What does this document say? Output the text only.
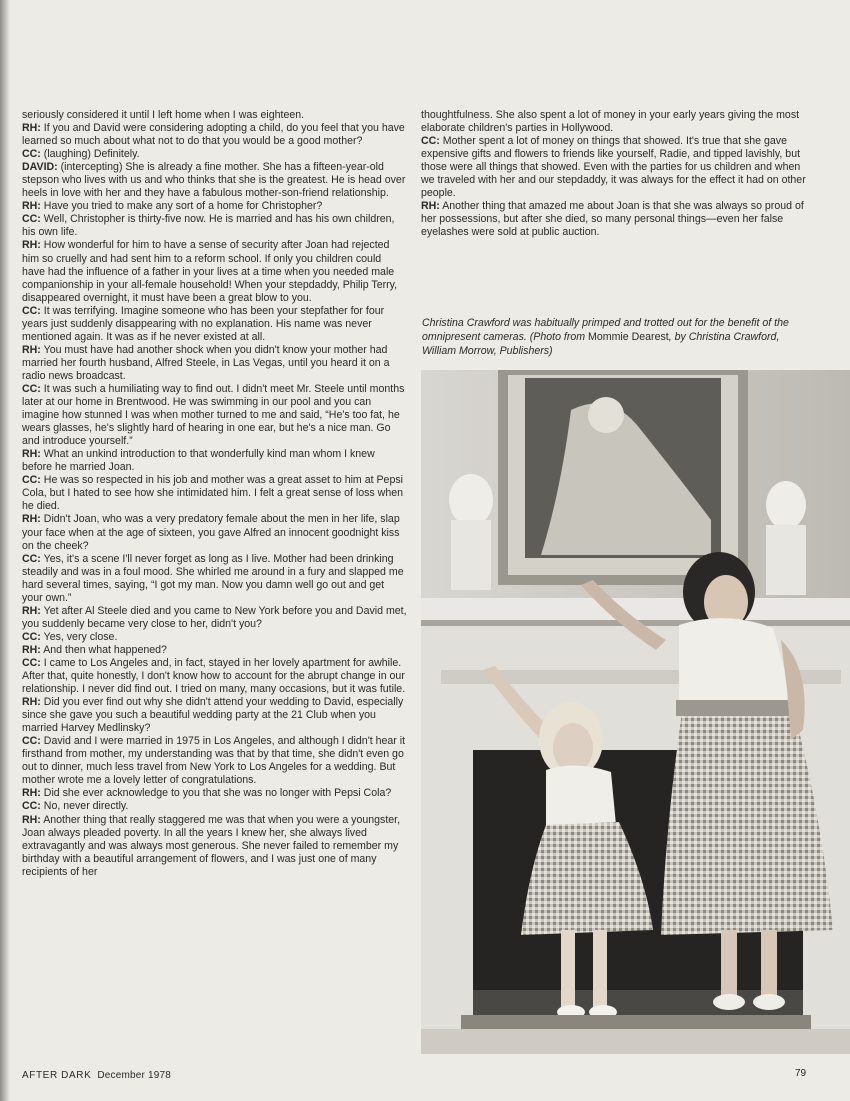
seriously considered it until I left home when I was eighteen.

RH: If you and David were considering adopting a child, do you feel that you have learned so much about what not to do that you would be a good mother?

CC: (laughing) Definitely.

DAVID: (intercepting) She is already a fine mother. She has a fifteen-year-old stepson who lives with us and who thinks that she is the greatest. He is head over heels in love with her and they have a fabulous mother-son-friend relationship.

RH: Have you tried to make any sort of a home for Christopher?

CC: Well, Christopher is thirty-five now. He is married and has his own children, his own life.

RH: How wonderful for him to have a sense of security after Joan had rejected him so cruelly and had sent him to a reform school. If only you children could have had the influence of a father in your lives at a time when you needed male companionship in your all-female household! When your stepdaddy, Philip Terry, disappeared overnight, it must have been a great blow to you.

CC: It was terrifying. Imagine someone who has been your stepfather for four years just suddenly disappearing with no explanation. His name was never mentioned again. It was as if he never existed at all.

RH: You must have had another shock when you didn't know your mother had married her fourth husband, Alfred Steele, in Las Vegas, until you heard it on a radio news broadcast.

CC: It was such a humiliating way to find out. I didn't meet Mr. Steele until months later at our home in Brentwood. He was swimming in our pool and you can imagine how stunned I was when mother turned to me and said, “He's too fat, he wears glasses, he's slightly hard of hearing in one ear, but he's a nice man. Go and introduce yourself.”

RH: What an unkind introduction to that wonderfully kind man whom I knew before he married Joan.

CC: He was so respected in his job and mother was a great asset to him at Pepsi Cola, but I hated to see how she intimidated him. I felt a great sense of loss when he died.

RH: Didn't Joan, who was a very predatory female about the men in her life, slap your face when at the age of sixteen, you gave Alfred an innocent goodnight kiss on the cheek?

CC: Yes, it's a scene I'll never forget as long as I live. Mother had been drinking steadily and was in a foul mood. She whirled me around in a fury and slapped me hard several times, saying, “I got my man. Now you damn well go out and get your own.”

RH: Yet after Al Steele died and you came to New York before you and David met, you suddenly became very close to her, didn't you?

CC: Yes, very close.

RH: And then what happened?

CC: I came to Los Angeles and, in fact, stayed in her lovely apartment for awhile. After that, quite honestly, I don't know how to account for the abrupt change in our relationship. I never did find out. I tried on many, many occasions, but it was futile.

RH: Did you ever find out why she didn't attend your wedding to David, especially since she gave you such a beautiful wedding party at the 21 Club when you married Harvey Medlinsky?

CC: David and I were married in 1975 in Los Angeles, and although I didn't hear it firsthand from mother, my understanding was that by that time, she didn't even go out to dinner, much less travel from New York to Los Angeles for a wedding. But mother wrote me a lovely letter of congratulations.

RH: Did she ever acknowledge to you that she was no longer with Pepsi Cola?

CC: No, never directly.

RH: Another thing that really staggered me was that when you were a youngster, Joan always pleaded poverty. In all the years I knew her, she always lived extravagantly and was always most generous. She never failed to remember my birthday with a beautiful arrangement of flowers, and I was just one of many recipients of her

thoughtfulness. She also spent a lot of money in your early years giving the most elaborate children's parties in Hollywood.

CC: Mother spent a lot of money on things that showed. It's true that she gave expensive gifts and flowers to friends like yourself, Radie, and tipped lavishly, but those were all things that showed. Even with the parties for us children and when we traveled with her and our stepdaddy, it was always for the effect it had on other people.

RH: Another thing that amazed me about Joan is that she was always so proud of her possessions, but after she died, so many personal things—even her false eyelashes were sold at public auction.

Christina Crawford was habitually primped and trotted out for the benefit of the omnipresent cameras. (Photo from Mommie Dearest, by Christina Crawford, William Morrow, Publishers)
AFTER DARK December 1978	79
